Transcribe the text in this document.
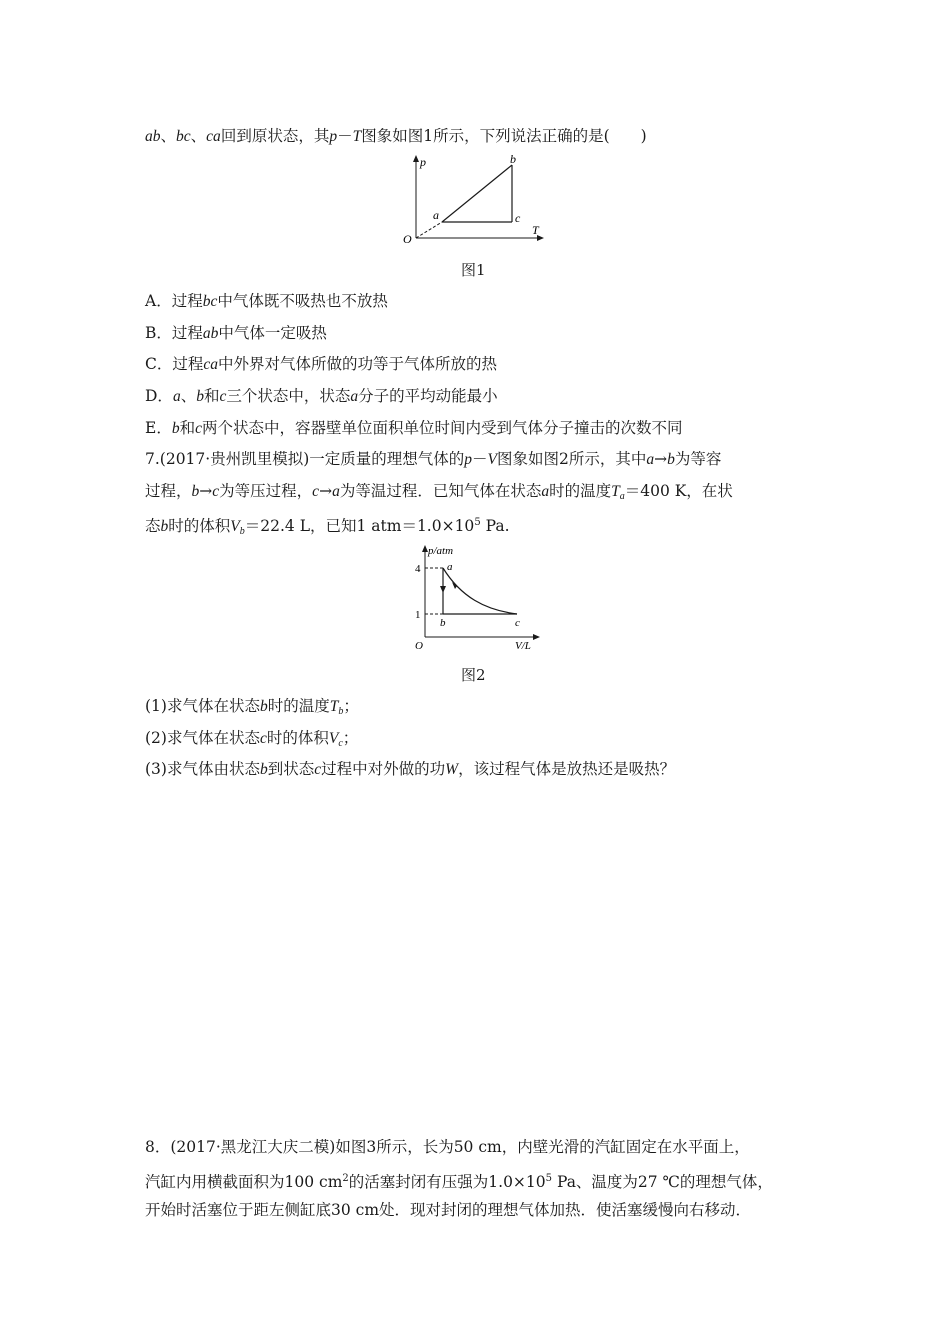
ab、bc、ca回到原状态，其p－T图象如图1所示，下列说法正确的是(　　)
p
T
O
a
b
c
图1
A．过程bc中气体既不吸热也不放热
B．过程ab中气体一定吸热
C．过程ca中外界对气体所做的功等于气体所放的热
D．a、b和c三个状态中，状态a分子的平均动能最小
E．b和c两个状态中，容器壁单位面积单位时间内受到气体分子撞击的次数不同
7.(2017·贵州凯里模拟)一定质量的理想气体的p－V图象如图2所示，其中a→b为等容
过程，b→c为等压过程，c→a为等温过程．已知气体在状态a时的温度$T_a=400$ K，在状
态b时的体积$V_b=22.4$ L，已知1 $atm=1.0\times 10^5$ Pa.
p/atm
V/L
O
4
1
a
b	c
图2
(1)求气体在状态b时的温度$T_b$；
(2)求气体在状态c时的体积$V_c$；
(3)求气体由状态b到状态c过程中对外做的功W，该过程气体是放热还是吸热？
8．(2017·黑龙江大庆二模)如图3所示，长为50 cm，内壁光滑的汽缸固定在水平面上，
汽缸内用横截面积为100 $cm^2$的活塞封闭有压强为$1.0\times 10^5$ Pa、温度为27 ℃的理想气体，
开始时活塞位于距左侧缸底30 cm处．现对封闭的理想气体加热．使活塞缓慢向右移动．
